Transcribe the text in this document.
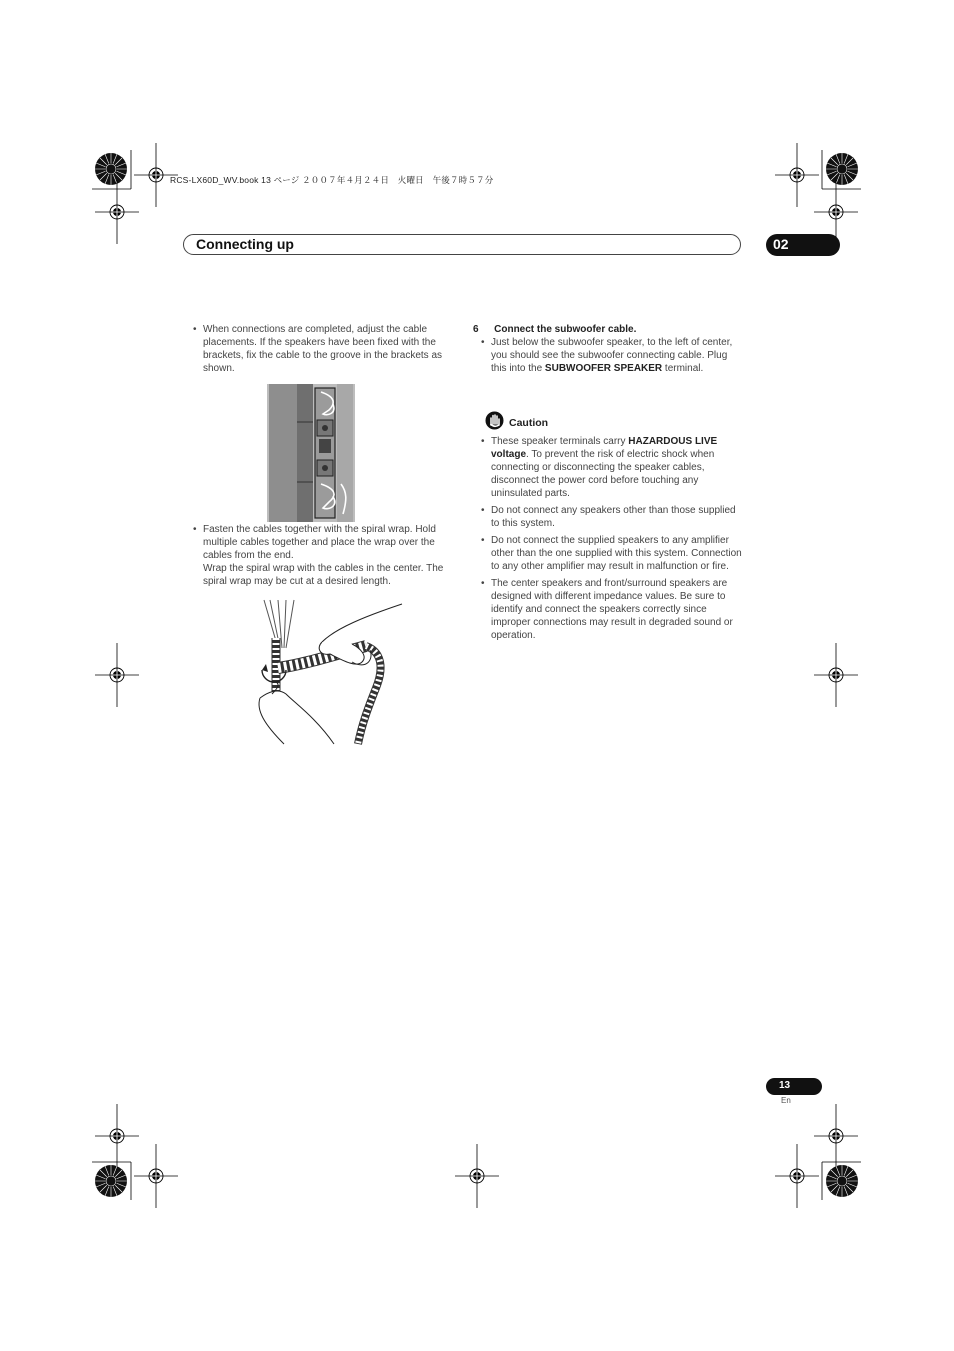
RCS-LX60D_WV.book 13 ページ ２００７年４月２４日　火曜日　午後７時５７分
Connecting up	02
• When connections are completed, adjust the cable placements. If the speakers have been fixed with the brackets, fix the cable to the groove in the brackets as shown.
• Fasten the cables together with the spiral wrap. Hold multiple cables together and place the wrap over the cables from the end.
Wrap the spiral wrap with the cables in the center. The spiral wrap may be cut at a desired length.
6 Connect the subwoofer cable.
• Just below the subwoofer speaker, to the left of center, you should see the subwoofer connecting cable. Plug this into the SUBWOOFER SPEAKER terminal.
Caution
• These speaker terminals carry HAZARDOUS LIVE voltage. To prevent the risk of electric shock when connecting or disconnecting the speaker cables, disconnect the power cord before touching any uninsulated parts.
• Do not connect any speakers other than those supplied to this system.
• Do not connect the supplied speakers to any amplifier other than the one supplied with this system. Connection to any other amplifier may result in malfunction or fire.
• The center speakers and front/surround speakers are designed with different impedance values. Be sure to identify and connect the speakers correctly since improper connections may result in degraded sound or operation.
13
En
